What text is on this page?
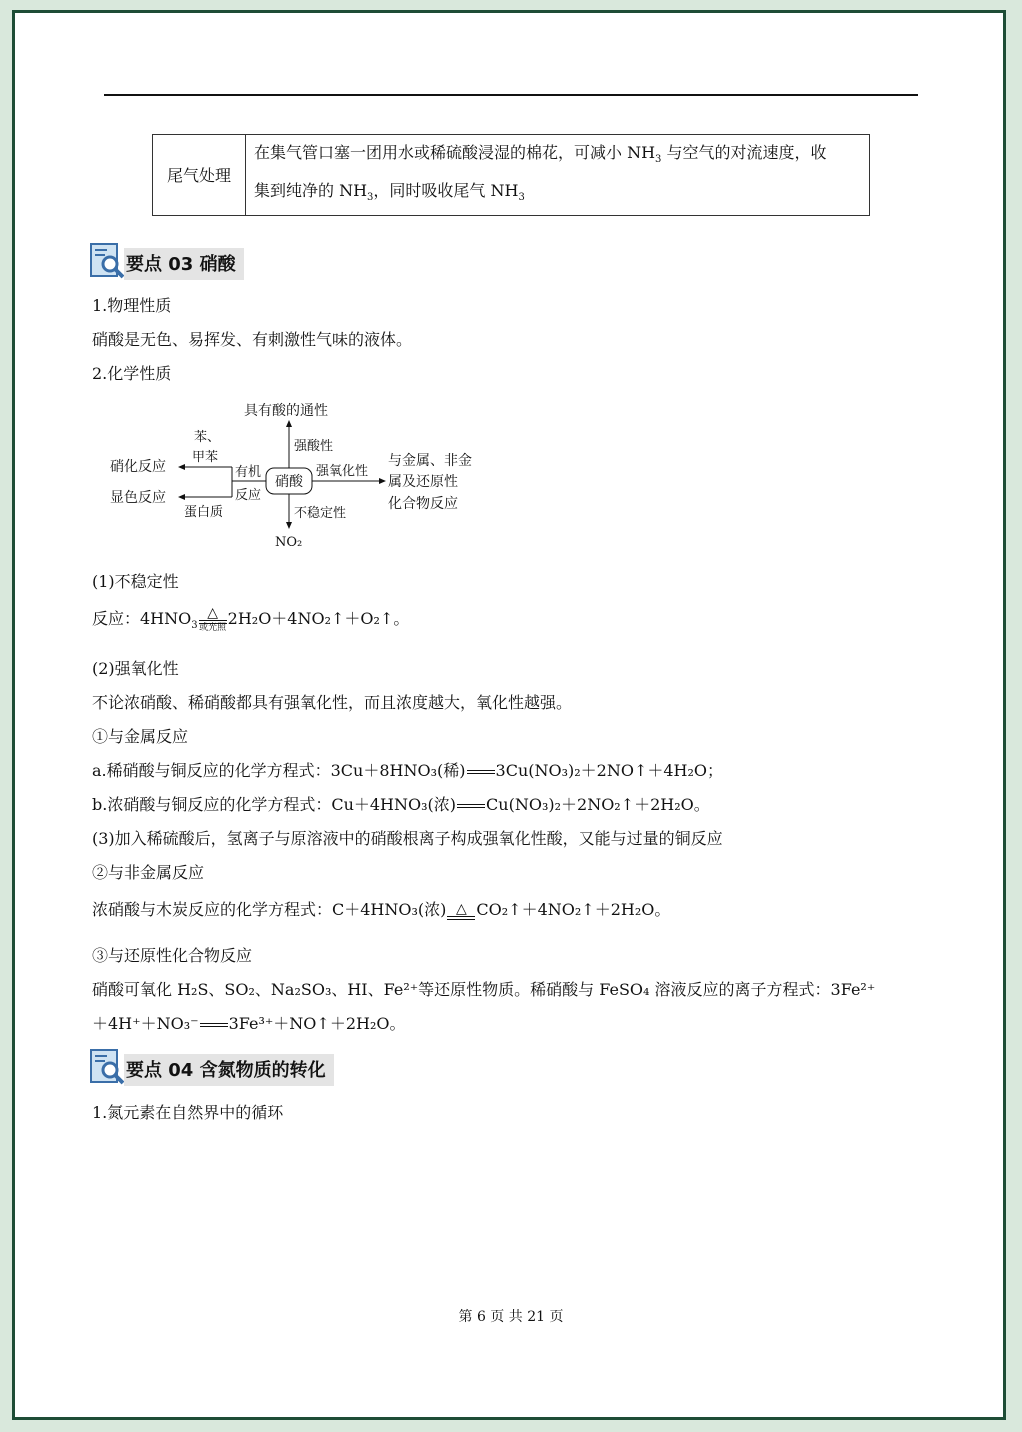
尾气处理	在集气管口塞一团用水或稀硫酸浸湿的棉花，可减小 $NH_3$ 与空气的对流速度，收
集到纯净的 $NH_3$，同时吸收尾气 $NH_3$
要点 03 硝酸
1.物理性质
硝酸是无色、易挥发、有刺激性气味的液体。
2.化学性质
硝酸
具有酸的通性
强酸性
强氧化性
与金属、非金
属及还原性
化合物反应
不稳定性
NO₂
有机
反应
苯、
甲苯
硝化反应
蛋白质
显色反应
(1)不稳定性
反应：$4HNO_3$
△
或光照 2H₂O＋4NO₂↑＋O₂↑。
(2)强氧化性
不论浓硝酸、稀硝酸都具有强氧化性，而且浓度越大，氧化性越强。
①与金属反应
a.稀硝酸与铜反应的化学方程式：3Cu＋8HNO₃(稀) 3Cu(NO₃)₂＋2NO↑＋4H₂O；
b.浓硝酸与铜反应的化学方程式：Cu＋4HNO₃(浓) Cu(NO₃)₂＋2NO₂↑＋2H₂O。
(3)加入稀硫酸后，氢离子与原溶液中的硝酸根离子构成强氧化性酸，又能与过量的铜反应
②与非金属反应
浓硝酸与木炭反应的化学方程式：C＋4HNO₃(浓) △ CO₂↑＋4NO₂↑＋2H₂O。
③与还原性化合物反应
硝酸可氧化 H₂S、SO₂、Na₂SO₃、HI、Fe²⁺等还原性物质。稀硝酸与 FeSO₄ 溶液反应的离子方程式：3Fe²⁺
＋4H⁺＋NO₃⁻ 3Fe³⁺＋NO↑＋2H₂O。
要点 04 含氮物质的转化
1.氮元素在自然界中的循环
第 6 页 共 21 页
